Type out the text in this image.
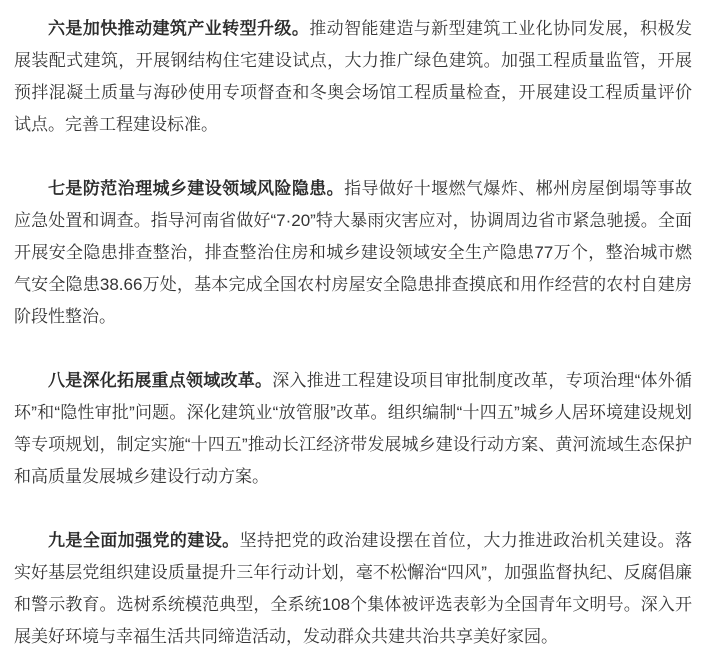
六是加快推动建筑产业转型升级。推动智能建造与新型建筑工业化协同发展，积极发展装配式建筑，开展钢结构住宅建设试点，大力推广绿色建筑。加强工程质量监管，开展预拌混凝土质量与海砂使用专项督查和冬奥会场馆工程质量检查，开展建设工程质量评价试点。完善工程建设标准。

七是防范治理城乡建设领域风险隐患。指导做好十堰燃气爆炸、郴州房屋倒塌等事故应急处置和调查。指导河南省做好“7·20”特大暴雨灾害应对，协调周边省市紧急驰援。全面开展安全隐患排查整治，排查整治住房和城乡建设领域安全生产隐患77万个，整治城市燃气安全隐患38.66万处，基本完成全国农村房屋安全隐患排查摸底和用作经营的农村自建房阶段性整治。

八是深化拓展重点领域改革。深入推进工程建设项目审批制度改革，专项治理“体外循环”和“隐性审批”问题。深化建筑业“放管服”改革。组织编制“十四五”城乡人居环境建设规划等专项规划，制定实施“十四五”推动长江经济带发展城乡建设行动方案、黄河流域生态保护和高质量发展城乡建设行动方案。

九是全面加强党的建设。坚持把党的政治建设摆在首位，大力推进政治机关建设。落实好基层党组织建设质量提升三年行动计划，毫不松懈治“四风”，加强监督执纪、反腐倡廉和警示教育。选树系统模范典型，全系统108个集体被评选表彰为全国青年文明号。深入开展美好环境与幸福生活共同缔造活动，发动群众共建共治共享美好家园。
